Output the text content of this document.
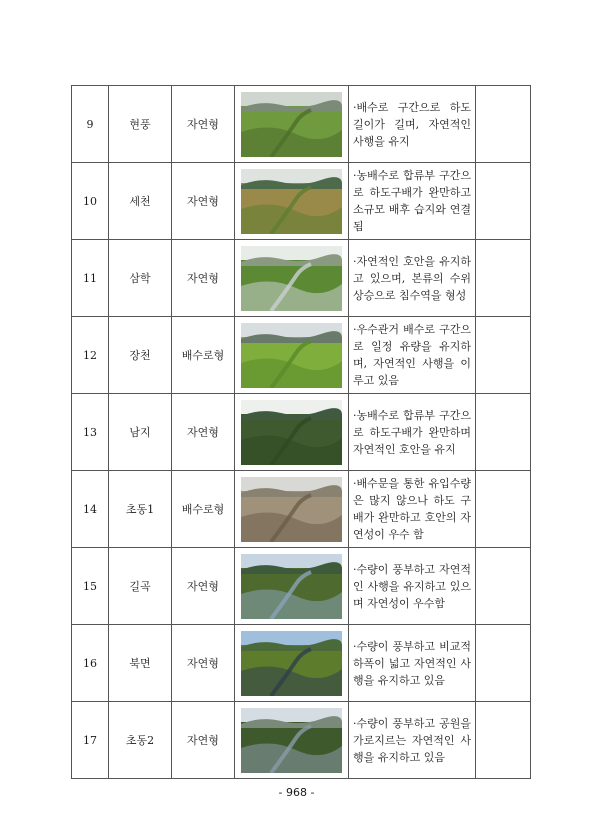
9	현풍	자연형		·배수로 구간으로 하도 길이가 길며, 자연적인 사행을 유지	
10	세천	자연형		·농배수로 합류부 구간으로 하도구배가 완만하고 소규모 배후 습지와 연결됨	
11	삼학	자연형		·자연적인 호안을 유지하고 있으며, 본류의 수위 상승으로 침수역을 형성	
12	장천	배수로형		·우수관거 배수로 구간으로 일정 유량을 유지하며, 자연적인 사행을 이루고 있음	
13	남지	자연형		·농배수로 합류부 구간으로 하도구배가 완만하며 자연적인 호안을 유지	
14	초동1	배수로형		·배수문을 통한 유입수량은 많지 않으나 하도 구배가 완만하고 호안의 자연성이 우수 함	
15	길곡	자연형		·수량이 풍부하고 자연적인 사행을 유지하고 있으며 자연성이 우수함	
16	북면	자연형		·수량이 풍부하고 비교적 하폭이 넓고 자연적인 사행을 유지하고 있음	
17	초동2	자연형		·수량이 풍부하고 공원을 가로지르는 자연적인 사행을 유지하고 있음	
- 968 -
